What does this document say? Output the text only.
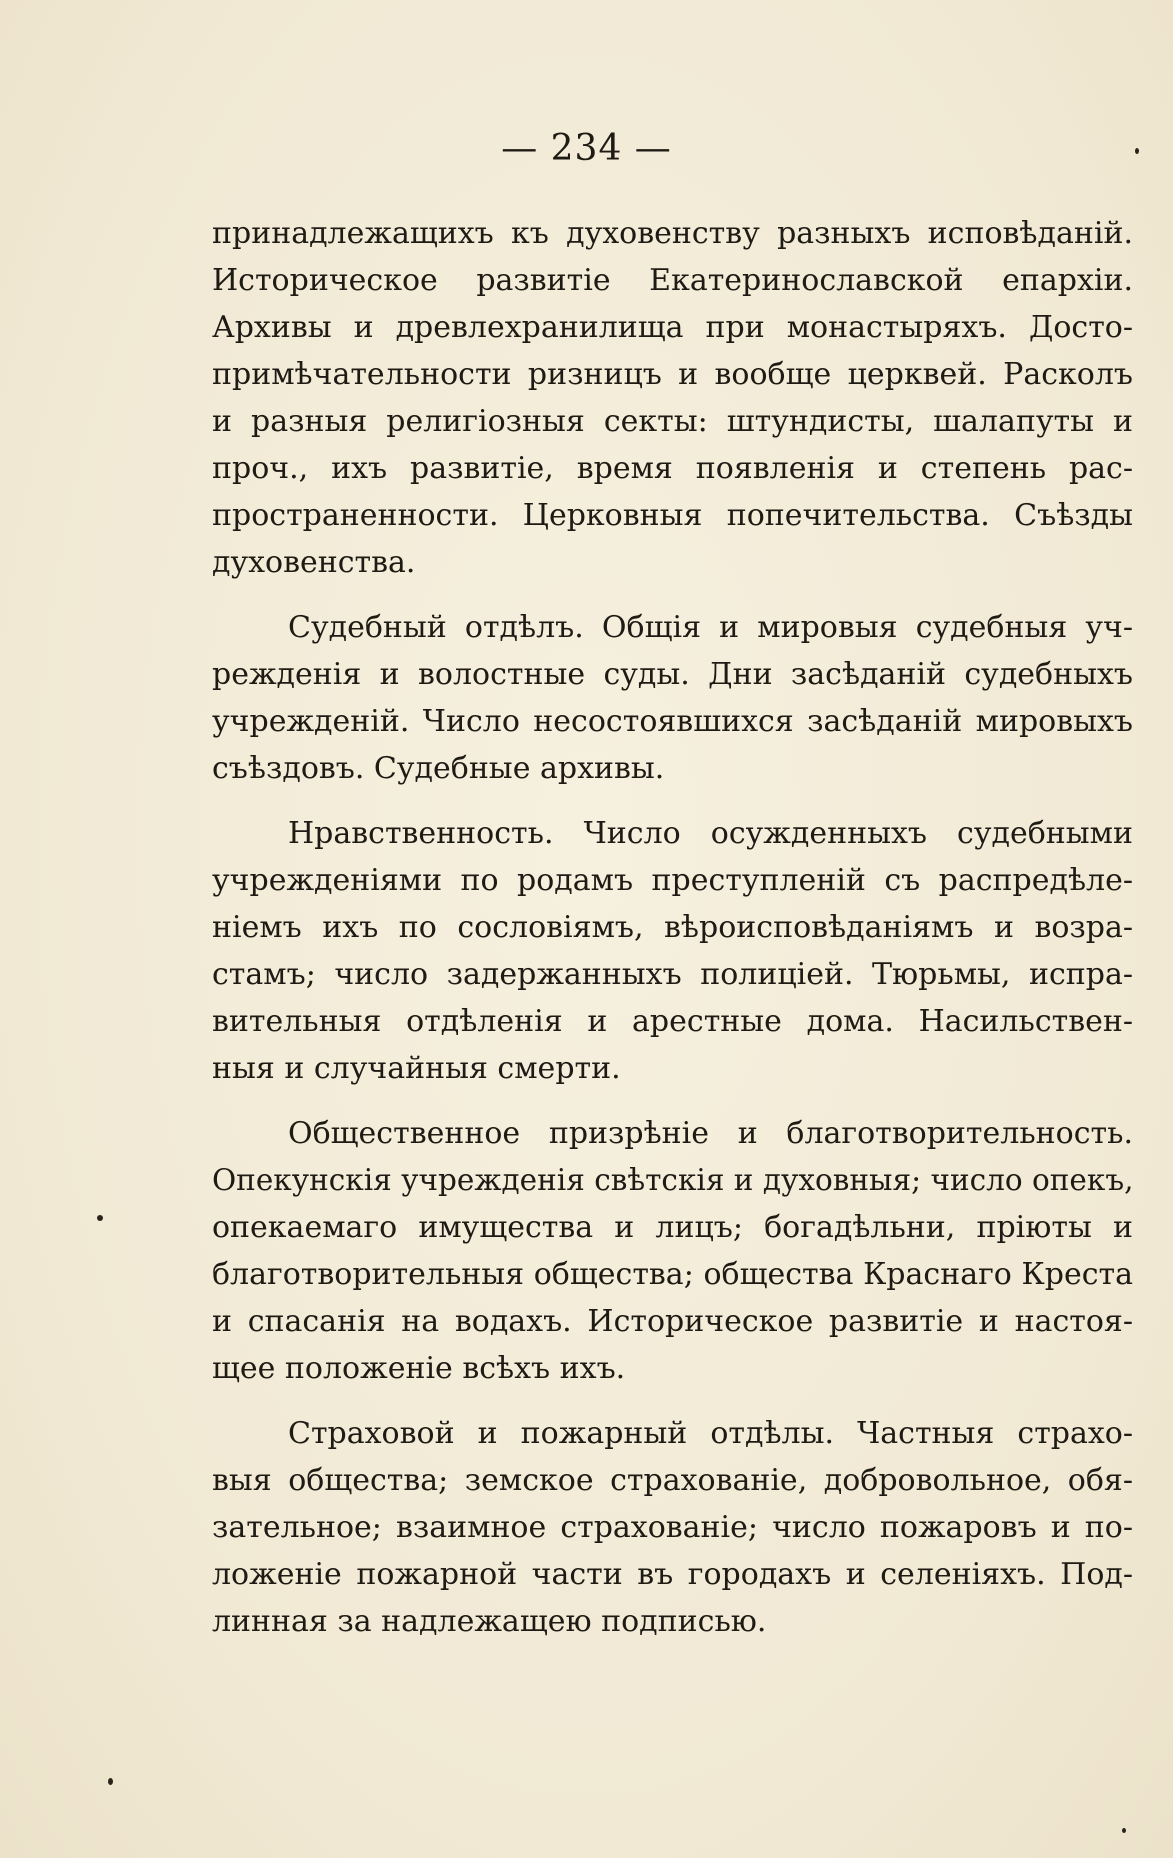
— 234 —
принадлежащихъ къ духовенству разныхъ исповѣданій.
Историческое развитіе Екатеринославской епархіи.
Архивы и древлехранилища при монастыряхъ. Досто-
примѣчательности ризницъ и вообще церквей. Расколъ
и разныя религіозныя секты: штундисты, шалапуты и
проч., ихъ развитіе, время появленія и степень рас-
пространенности. Церковныя попечительства. Съѣзды
духовенства.
Судебный отдѣлъ. Общія и мировыя судебныя уч-
режденія и волостные суды. Дни засѣданій судебныхъ
учрежденій. Число несостоявшихся засѣданій мировыхъ
съѣздовъ. Судебные архивы.
Нравственность. Число осужденныхъ судебными
учрежденіями по родамъ преступленій съ распредѣле-
ніемъ ихъ по сословіямъ, вѣроисповѣданіямъ и возра-
стамъ; число задержанныхъ полиціей. Тюрьмы, испра-
вительныя отдѣленія и арестные дома. Насильствен-
ныя и случайныя смерти.
Общественное призрѣніе и благотворительность.
Опекунскія учрежденія свѣтскія и духовныя; число опекъ,
опекаемаго имущества и лицъ; богадѣльни, пріюты и
благотворительныя общества; общества Краснаго Креста
и спасанія на водахъ. Историческое развитіе и настоя-
щее положеніе всѣхъ ихъ.
Страховой и пожарный отдѣлы. Частныя страхо-
выя общества; земское страхованіе, добровольное, обя-
зательное; взаимное страхованіе; число пожаровъ и по-
ложеніе пожарной части въ городахъ и селеніяхъ. Под-
линная за надлежащею подписью.
